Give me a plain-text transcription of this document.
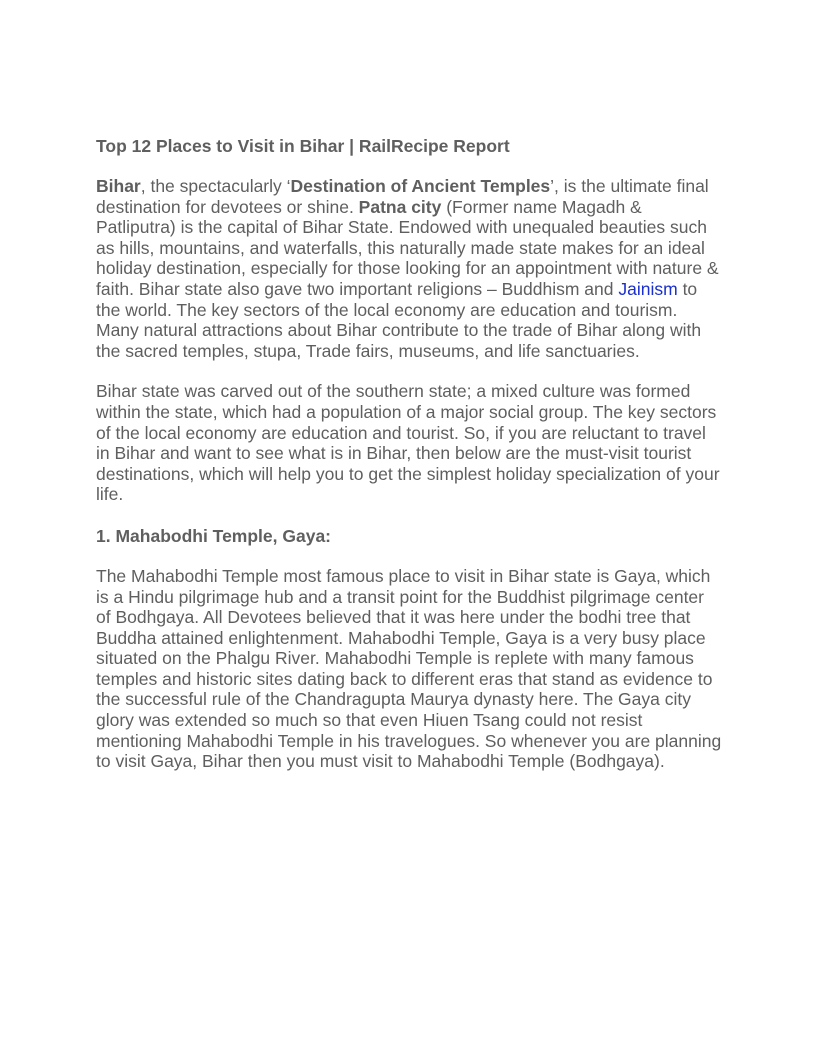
Top 12 Places to Visit in Bihar | RailRecipe Report

Bihar, the spectacularly ‘Destination of Ancient Temples’, is the ultimate final destination for devotees or shine. Patna city (Former name Magadh & Patliputra) is the capital of Bihar State. Endowed with unequaled beauties such as hills, mountains, and waterfalls, this naturally made state makes for an ideal holiday destination, especially for those looking for an appointment with nature & faith. Bihar state also gave two important religions – Buddhism and Jainism to the world. The key sectors of the local economy are education and tourism. Many natural attractions about Bihar contribute to the trade of Bihar along with the sacred temples, stupa, Trade fairs, museums, and life sanctuaries.

Bihar state was carved out of the southern state; a mixed culture was formed within the state, which had a population of a major social group. The key sectors of the local economy are education and tourist. So, if you are reluctant to travel in Bihar and want to see what is in Bihar, then below are the must-visit tourist destinations, which will help you to get the simplest holiday specialization of your life.

1. Mahabodhi Temple, Gaya:

The Mahabodhi Temple most famous place to visit in Bihar state is Gaya, which is a Hindu pilgrimage hub and a transit point for the Buddhist pilgrimage center of Bodhgaya. All Devotees believed that it was here under the bodhi tree that Buddha attained enlightenment. Mahabodhi Temple, Gaya is a very busy place situated on the Phalgu River. Mahabodhi Temple is replete with many famous temples and historic sites dating back to different eras that stand as evidence to the successful rule of the Chandragupta Maurya dynasty here. The Gaya city glory was extended so much so that even Hiuen Tsang could not resist mentioning Mahabodhi Temple in his travelogues. So whenever you are planning to visit Gaya, Bihar then you must visit to Mahabodhi Temple (Bodhgaya).
